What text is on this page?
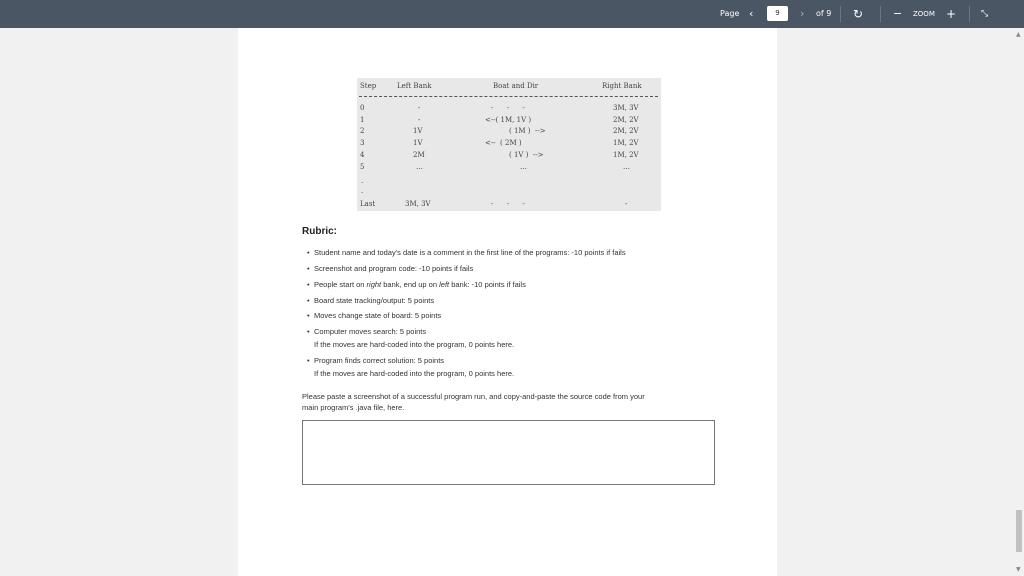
Page ‹	9	› of 9 ↻	− ZOOM +	⤡
Step	Left Bank	Boat and Dir	Right Bank
0	-	-      -      -	3M, 3V
1	-	<--( 1M, 1V )	2M, 2V
2	1V	( 1M )  -->	2M, 2V
3	1V	<--  ( 2M )	1M, 2V
4	2M	( 1V )  -->	1M, 2V
5	…	…	…
.
.
Last	3M, 3V	-      -      -	-
Rubric:
• Student name and today's date is a comment in the first line of the programs: -10 points if fails
• Screenshot and program code: -10 points if fails
• People start on right bank, end up on left bank: -10 points if fails
• Board state tracking/output: 5 points
• Moves change state of board: 5 points
• Computer moves search: 5 points
If the moves are hard-coded into the program, 0 points here.
• Program finds correct solution: 5 points
If the moves are hard-coded into the program, 0 points here.
Please paste a screenshot of a successful program run, and copy-and-paste the source code from your
main program's .java file, here.
▲
▼
